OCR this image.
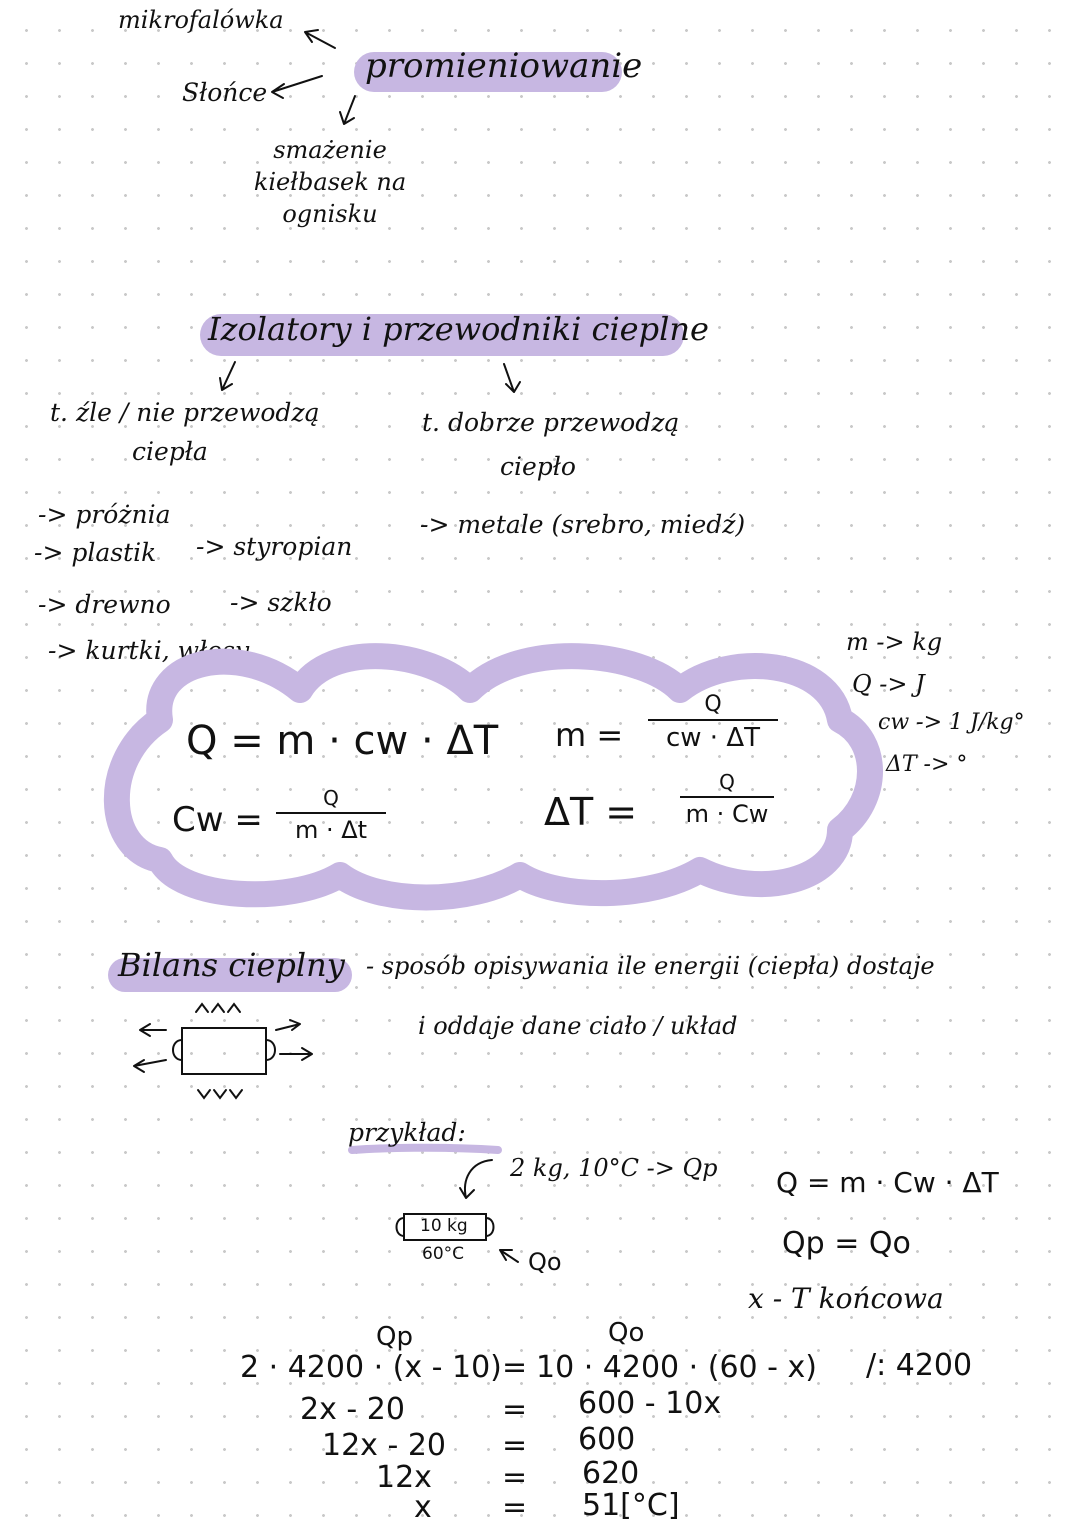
promieniowanie
mikrofalówka
Słońce
smażenie kiełbasek na ognisku
Izolatory i przewodniki cieplne
t. źle / nie przewodzą
ciepła
t. dobrze przewodzą
ciepło
-> próżnia
-> plastik
-> drewno
-> kurtki, włosy
-> styropian
-> szkło
-> metale (srebro, miedź)
Q = m · cw · ΔT m =
Q
cw · ΔT
Cw =
Q
m · Δt	ΔT =
Q
m · Cw
m -> kg
Q -> J
cw -> 1 J/kg°
ΔT -> °
Bilans cieplny - sposób opisywania ile energii (ciepła) dostaje
i oddaje dane ciało / układ
przykład:
2 kg, 10°C -> Qp
10 kg
60°C	Qo
Q = m · Cw · ΔT
Qp = Qo
x - T końcowa
Qp	Qo
2 · 4200 · (x - 10) = 10 · 4200 · (60 - x) /: 4200
2x - 20	= 600 - 10x
12x - 20 = 600
12x = 620
x = 51[°C]
